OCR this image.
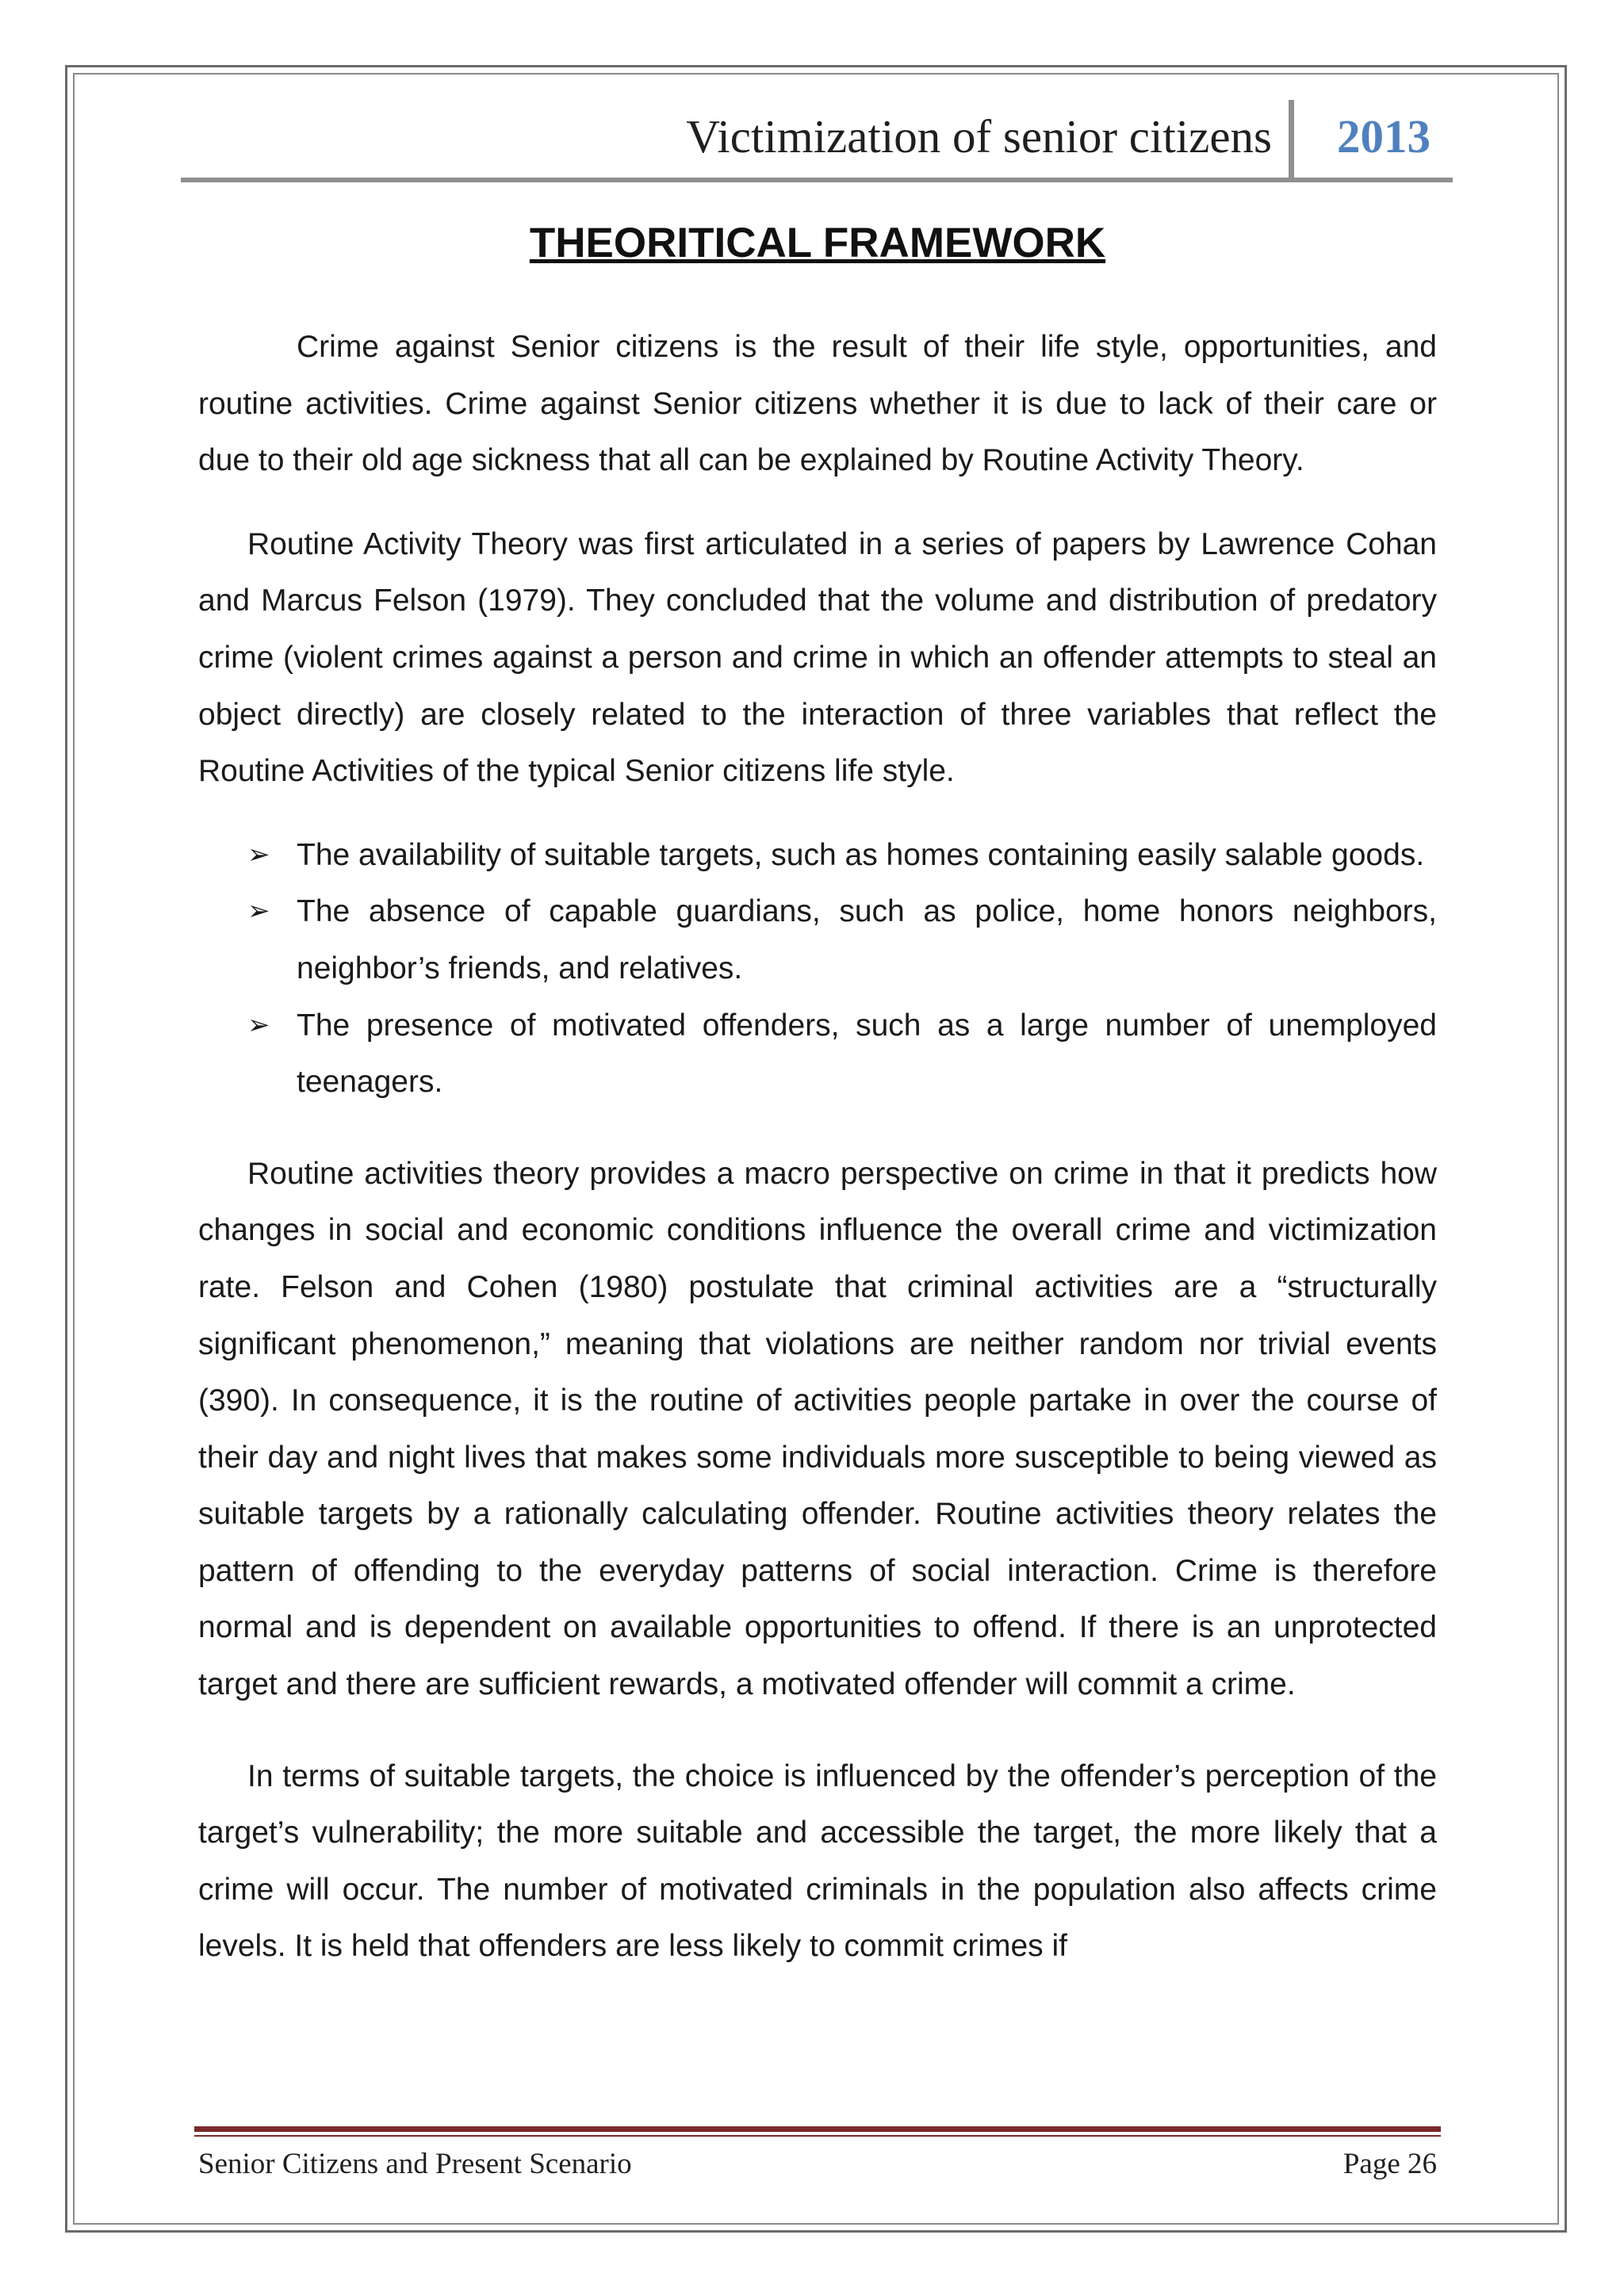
Victimization of senior citizens 2013
THEORITICAL FRAMEWORK

Crime against Senior citizens is the result of their life style, opportunities, and routine activities. Crime against Senior citizens whether it is due to lack of their care or due to their old age sickness that all can be explained by Routine Activity Theory.

Routine Activity Theory was first articulated in a series of papers by Lawrence Cohan and Marcus Felson (1979). They concluded that the volume and distribution of predatory crime (violent crimes against a person and crime in which an offender attempts to steal an object directly) are closely related to the interaction of three variables that reflect the Routine Activities of the typical Senior citizens life style.

➢ The availability of suitable targets, such as homes containing easily salable goods.
➢ The absence of capable guardians, such as police, home honors neighbors, neighbor’s friends, and relatives.
➢ The presence of motivated offenders, such as a large number of unemployed teenagers.

Routine activities theory provides a macro perspective on crime in that it predicts how changes in social and economic conditions influence the overall crime and victimization rate. Felson and Cohen (1980) postulate that criminal activities are a “structurally significant phenomenon,” meaning that violations are neither random nor trivial events (390). In consequence, it is the routine of activities people partake in over the course of their day and night lives that makes some individuals more susceptible to being viewed as suitable targets by a rationally calculating offender. Routine activities theory relates the pattern of offending to the everyday patterns of social interaction. Crime is therefore normal and is dependent on available opportunities to offend. If there is an unprotected target and there are sufficient rewards, a motivated offender will commit a crime.

In terms of suitable targets, the choice is influenced by the offender’s perception of the target’s vulnerability; the more suitable and accessible the target, the more likely that a crime will occur. The number of motivated criminals in the population also affects crime levels. It is held that offenders are less likely to commit crimes if

Senior Citizens and Present Scenario	Page 26
